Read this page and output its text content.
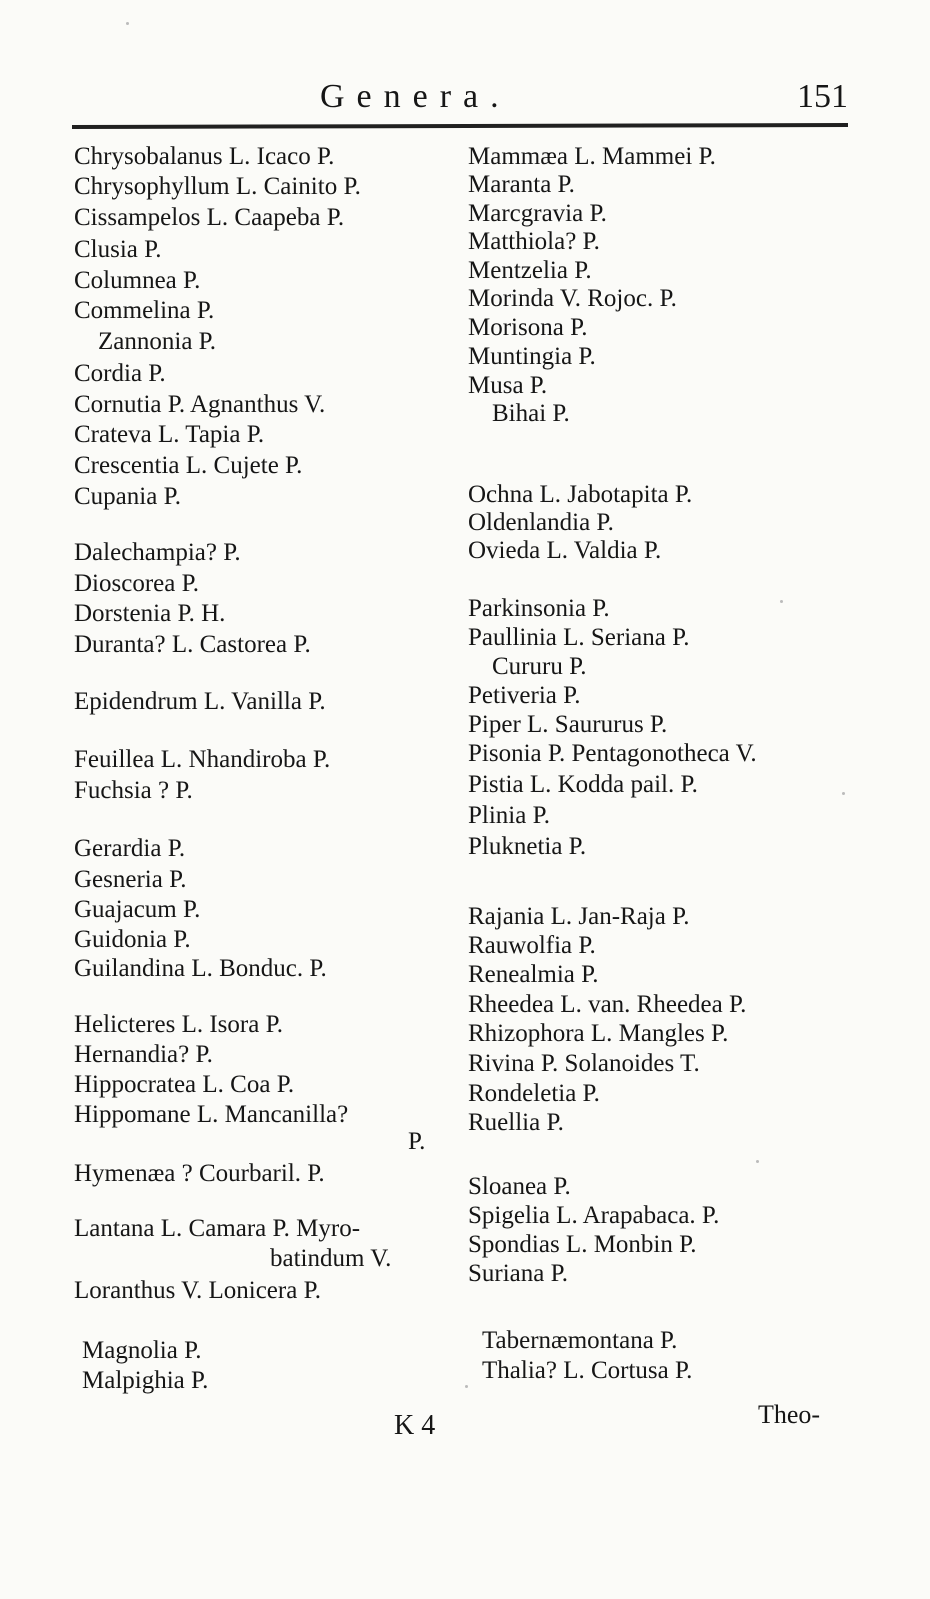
Genera.	151
Chrysobalanus L. Icaco P.
Chrysophyllum L. Cainito P.
Cissampelos L. Caapeba P.
Clusia P.
Columnea P.
Commelina P.
Zannonia P.
Cordia P.
Cornutia P. Agnanthus V.
Crateva L. Tapia P.
Crescentia L. Cujete P.
Cupania P.
Dalechampia? P.
Dioscorea P.
Dorstenia P. H.
Duranta? L. Castorea P.
Epidendrum L. Vanilla P.
Feuillea L. Nhandiroba P.
Fuchsia ? P.
Gerardia P.
Gesneria P.
Guajacum P.
Guidonia P.
Guilandina L. Bonduc. P.
Helicteres L. Isora P.
Hernandia? P.
Hippocratea L. Coa P.
Hippomane L. Mancanilla?
P.
Hymenæa ? Courbaril. P.
Lantana L. Camara P. Myro-
batindum V.
Loranthus V. Lonicera P.
Magnolia P.
Malpighia P.
Mammæa L. Mammei P.
Maranta P.
Marcgravia P.
Matthiola? P.
Mentzelia P.
Morinda V. Rojoc. P.
Morisona P.
Muntingia P.
Musa P.
Bihai P.
Ochna L. Jabotapita P.
Oldenlandia P.
Ovieda L. Valdia P.
Parkinsonia P.
Paullinia L. Seriana P.
Cururu P.
Petiveria P.
Piper L. Saururus P.
Pisonia P. Pentagonotheca V.
Pistia L. Kodda pail. P.
Plinia P.
Pluknetia P.
Rajania L. Jan-Raja P.
Rauwolfia P.
Renealmia P.
Rheedea L. van. Rheedea P.
Rhizophora L. Mangles P.
Rivina P. Solanoides T.
Rondeletia P.
Ruellia P.
Sloanea P.
Spigelia L. Arapabaca. P.
Spondias L. Monbin P.
Suriana P.
Tabernæmontana P.
Thalia? L. Cortusa P.
K 4	Theo-
